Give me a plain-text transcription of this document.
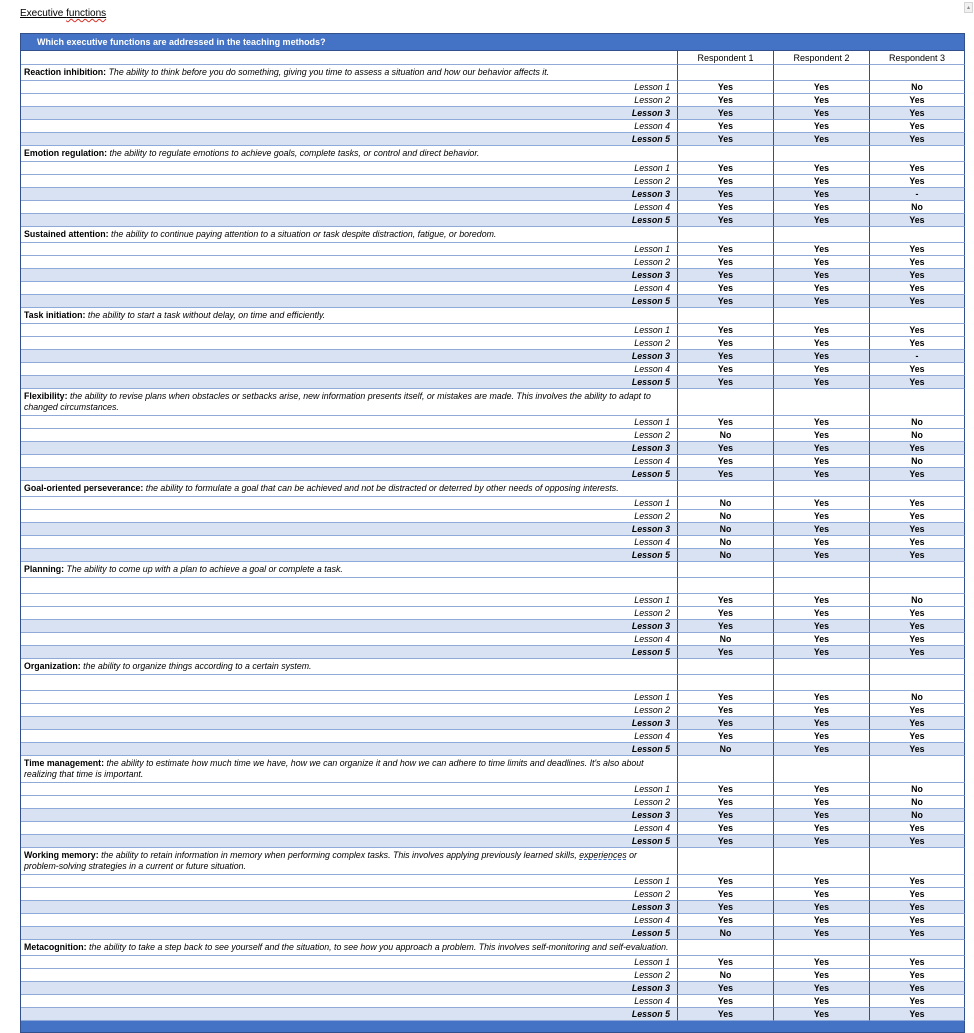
Executive functions
Which executive functions are addressed in the teaching methods?			
	Respondent 1	Respondent 2	Respondent 3
Reaction inhibition: The ability to think before you do something, giving you time to assess a situation and how our behavior affects it.			
Lesson 1	Yes	Yes	No
Lesson 2	Yes	Yes	Yes
Lesson 3	Yes	Yes	Yes
Lesson 4	Yes	Yes	Yes
Lesson 5	Yes	Yes	Yes
Emotion regulation: the ability to regulate emotions to achieve goals, complete tasks, or control and direct behavior.			
Lesson 1	Yes	Yes	Yes
Lesson 2	Yes	Yes	Yes
Lesson 3	Yes	Yes	-
Lesson 4	Yes	Yes	No
Lesson 5	Yes	Yes	Yes
Sustained attention: the ability to continue paying attention to a situation or task despite distraction, fatigue, or boredom.			
Lesson 1	Yes	Yes	Yes
Lesson 2	Yes	Yes	Yes
Lesson 3	Yes	Yes	Yes
Lesson 4	Yes	Yes	Yes
Lesson 5	Yes	Yes	Yes
Task initiation: the ability to start a task without delay, on time and efficiently.			
Lesson 1	Yes	Yes	Yes
Lesson 2	Yes	Yes	Yes
Lesson 3	Yes	Yes	-
Lesson 4	Yes	Yes	Yes
Lesson 5	Yes	Yes	Yes
Flexibility: the ability to revise plans when obstacles or setbacks arise, new information presents itself, or mistakes are made. This involves the ability to adapt to changed circumstances.			
Lesson 1	Yes	Yes	No
Lesson 2	No	Yes	No
Lesson 3	Yes	Yes	Yes
Lesson 4	Yes	Yes	No
Lesson 5	Yes	Yes	Yes
Goal-oriented perseverance: the ability to formulate a goal that can be achieved and not be distracted or deterred by other needs of opposing interests.			
Lesson 1	No	Yes	Yes
Lesson 2	No	Yes	Yes
Lesson 3	No	Yes	Yes
Lesson 4	No	Yes	Yes
Lesson 5	No	Yes	Yes
Planning: The ability to come up with a plan to achieve a goal or complete a task.			

Lesson 1	Yes	Yes	No
Lesson 2	Yes	Yes	Yes
Lesson 3	Yes	Yes	Yes
Lesson 4	No	Yes	Yes
Lesson 5	Yes	Yes	Yes
Organization: the ability to organize things according to a certain system.			

Lesson 1	Yes	Yes	No
Lesson 2	Yes	Yes	Yes
Lesson 3	Yes	Yes	Yes
Lesson 4	Yes	Yes	Yes
Lesson 5	No	Yes	Yes
Time management: the ability to estimate how much time we have, how we can organize it and how we can adhere to time limits and deadlines. It's also about realizing that time is important.			
Lesson 1	Yes	Yes	No
Lesson 2	Yes	Yes	No
Lesson 3	Yes	Yes	No
Lesson 4	Yes	Yes	Yes
Lesson 5	Yes	Yes	Yes
Working memory: the ability to retain information in memory when performing complex tasks. This involves applying previously learned skills, experiences or problem-solving strategies in a current or future situation.			
Lesson 1	Yes	Yes	Yes
Lesson 2	Yes	Yes	Yes
Lesson 3	Yes	Yes	Yes
Lesson 4	Yes	Yes	Yes
Lesson 5	No	Yes	Yes
Metacognition: the ability to take a step back to see yourself and the situation, to see how you approach a problem. This involves self-monitoring and self-evaluation.			
Lesson 1	Yes	Yes	Yes
Lesson 2	No	Yes	Yes
Lesson 3	Yes	Yes	Yes
Lesson 4	Yes	Yes	Yes
Lesson 5	Yes	Yes	Yes

▴
